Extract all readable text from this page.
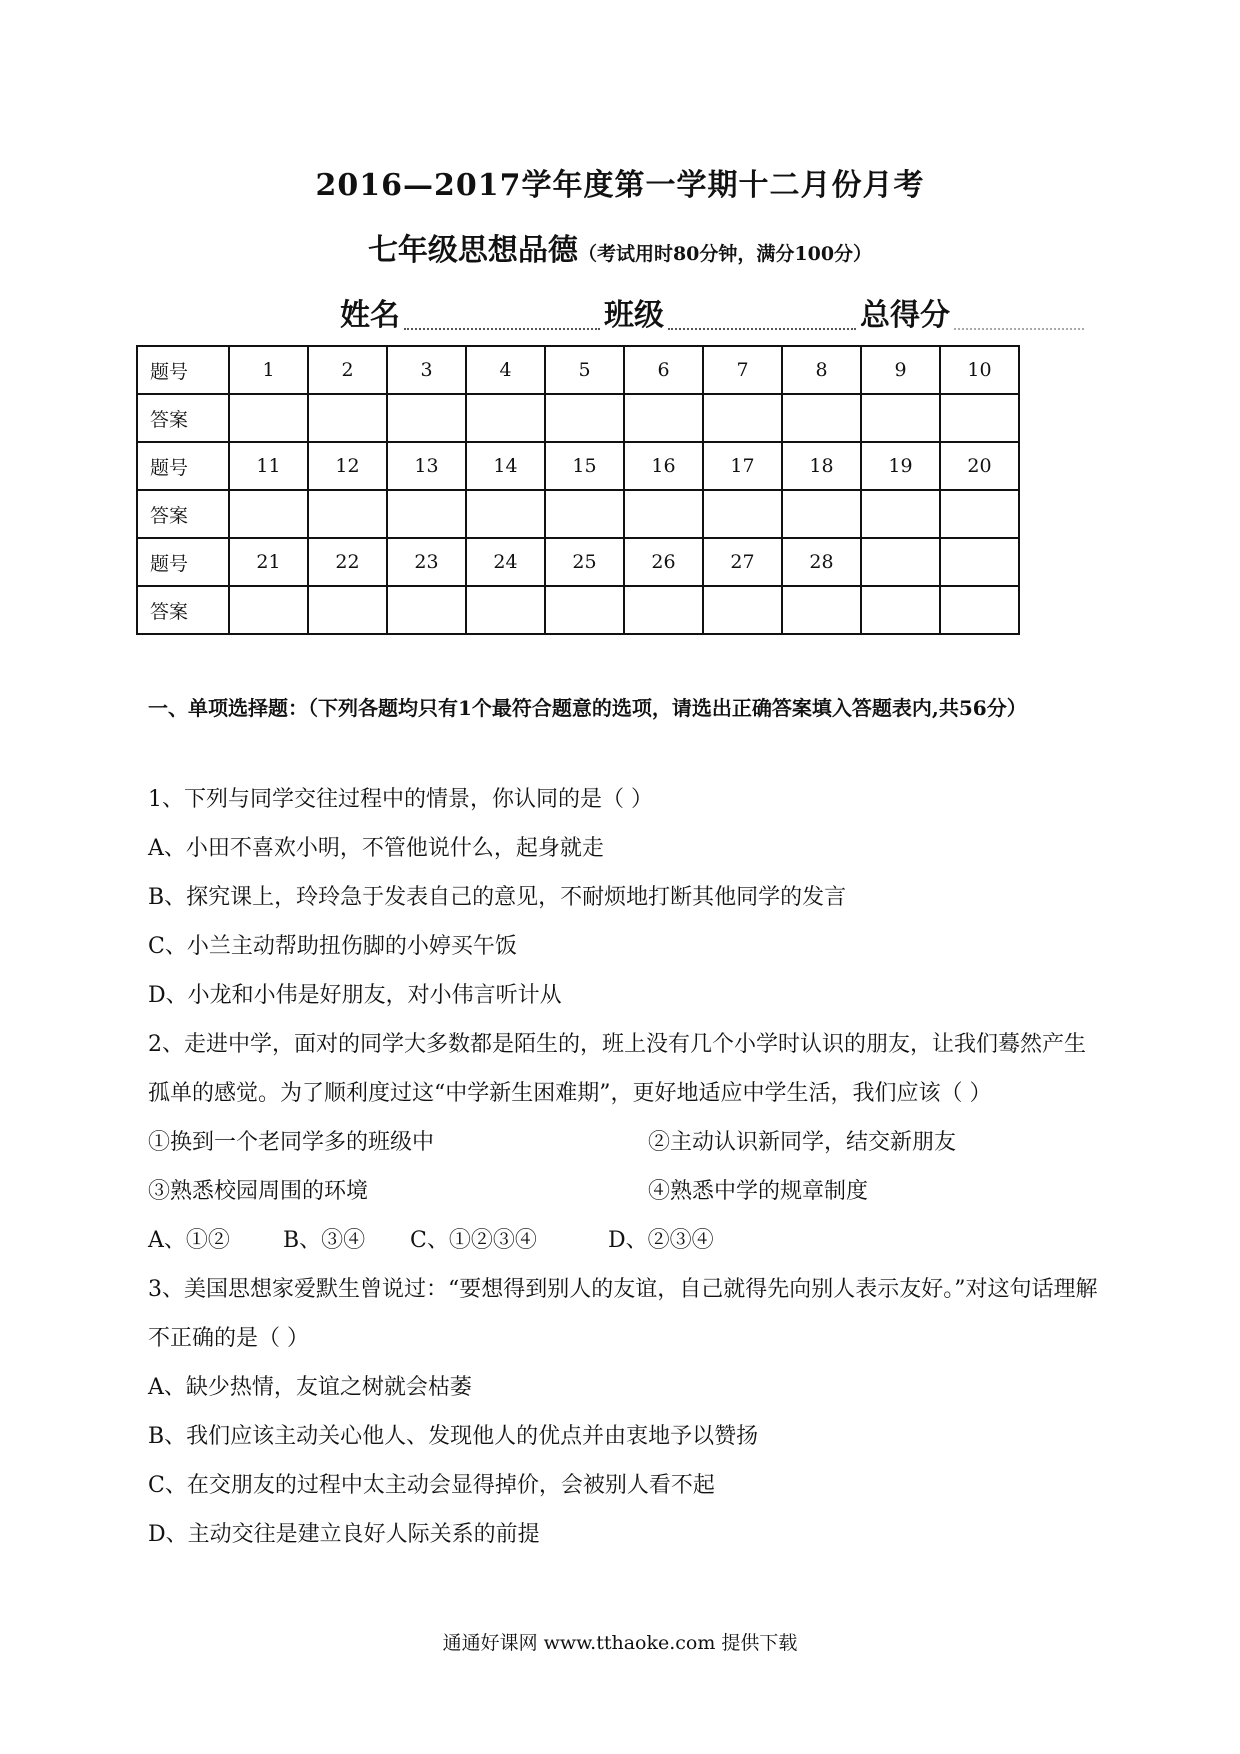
2016—2017学年度第一学期十二月份月考
七年级思想品德（考试用时80分钟，满分100分）
姓名	班级	总得分
题号	1	2	3	4	5	6	7	8	9	10
答案										
题号	11	12	13	14	15	16	17	18	19	20
答案										
题号	21	22	23	24	25	26	27	28		
答案										
一、单项选择题：（下列各题均只有1个最符合题意的选项，请选出正确答案填入答题表内,共56分）
1、下列与同学交往过程中的情景，你认同的是（ ）
A、小田不喜欢小明，不管他说什么，起身就走
B、探究课上，玲玲急于发表自己的意见，不耐烦地打断其他同学的发言
C、小兰主动帮助扭伤脚的小婷买午饭
D、小龙和小伟是好朋友，对小伟言听计从
2、走进中学，面对的同学大多数都是陌生的，班上没有几个小学时认识的朋友，让我们蓦然产生孤单的感觉。为了顺利度过这“中学新生困难期”，更好地适应中学生活，我们应该（ ）
①换到一个老同学多的班级中	②主动认识新同学，结交新朋友
③熟悉校园周围的环境	④熟悉中学的规章制度
A、①② B、③④ C、①②③④	D、②③④
3、美国思想家爱默生曾说过：“要想得到别人的友谊，自己就得先向别人表示友好。”对这句话理解不正确的是（ ）
A、缺少热情，友谊之树就会枯萎
B、我们应该主动关心他人、发现他人的优点并由衷地予以赞扬
C、在交朋友的过程中太主动会显得掉价，会被别人看不起
D、主动交往是建立良好人际关系的前提
通通好课网 www.tthaoke.com 提供下载
